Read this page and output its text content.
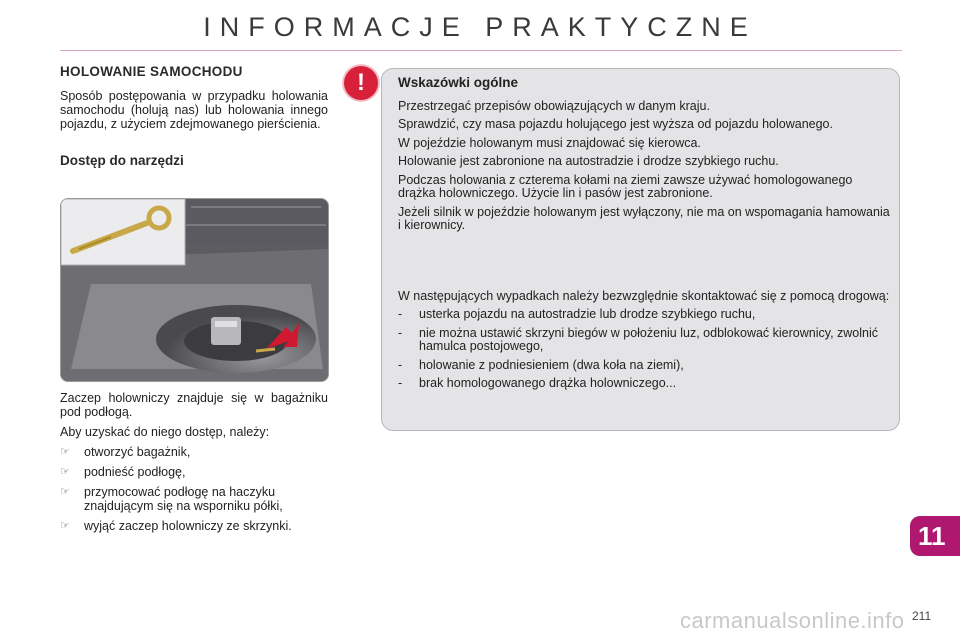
INFORMACJE PRAKTYCZNE
HOLOWANIE SAMOCHODU

Sposób postępowania w przypadku holowania samochodu (holują nas) lub holowania innego pojazdu, z użyciem zdejmowanego pierścienia.

Dostęp do narzędzi

Zaczep holowniczy znajduje się w bagażniku pod podłogą.

Aby uzyskać do niego dostęp, należy:

☞ otworzyć bagażnik,
☞ podnieść podłogę,
☞ przymocować podłogę na haczyku znajdującym się na wsporniku półki,
☞ wyjąć zaczep holowniczy ze skrzynki.
!	Wskazówki ogólne

Przestrzegać przepisów obowiązujących w danym kraju.

Sprawdzić, czy masa pojazdu holującego jest wyższa od pojazdu holowanego.

W pojeździe holowanym musi znajdować się kierowca.

Holowanie jest zabronione na autostradzie i drodze szybkiego ruchu.

Podczas holowania z czterema kołami na ziemi zawsze używać homologowanego drążka holowniczego. Użycie lin i pasów jest zabronione.

Jeżeli silnik w pojeździe holowanym jest wyłączony, nie ma on wspomagania hamowania i kierownicy.

W następujących wypadkach należy bezwzględnie skontaktować się z pomocą drogową:

- usterka pojazdu na autostradzie lub drodze szybkiego ruchu,
- nie można ustawić skrzyni biegów w położeniu luz, odblokować kierownicy, zwolnić hamulca postojowego,
- holowanie z podniesieniem (dwa koła na ziemi),
- brak homologowanego drążka holowniczego...
11
carmanualsonline.info 211
